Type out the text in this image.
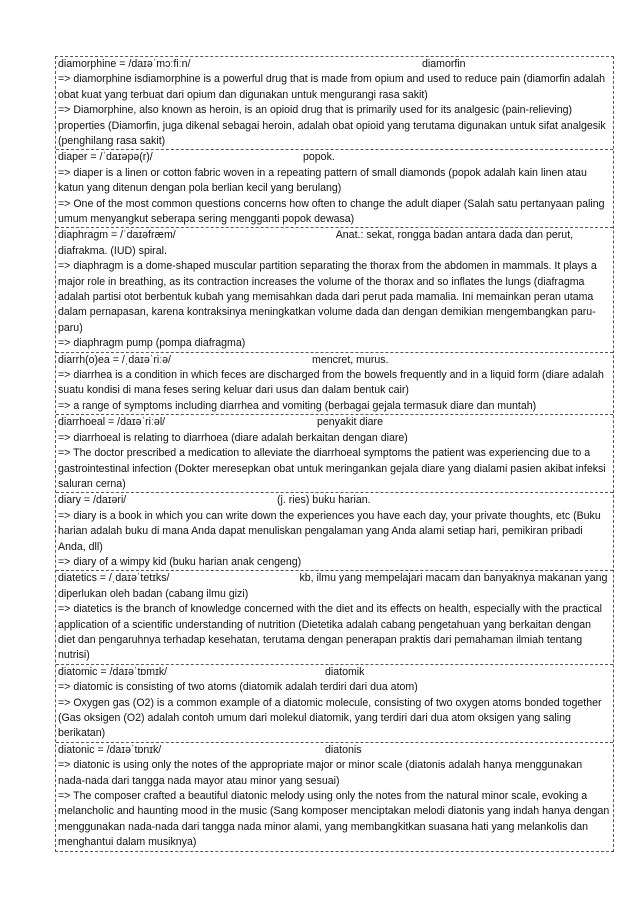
diamorphine = /daɪəˈmɔːfiːn/	diamorfin

=> diamorphine isdiamorphine is a powerful drug that is made from opium and used to reduce pain (diamorfin adalah obat kuat yang terbuat dari opium dan digunakan untuk mengurangi rasa sakit)

=> Diamorphine, also known as heroin, is an opioid drug that is primarily used for its analgesic (pain-relieving) properties (Diamorfin, juga dikenal sebagai heroin, adalah obat opioid yang terutama digunakan untuk sifat analgesik (penghilang rasa sakit)

diaper = /ˈdaɪəpə(r)/	popok.

=> diaper is a linen or cotton fabric woven in a repeating pattern of small diamonds (popok adalah kain linen atau katun yang ditenun dengan pola berlian kecil yang berulang)

=> One of the most common questions concerns how often to change the adult diaper (Salah satu pertanyaan paling umum menyangkut seberapa sering mengganti popok dewasa)

diaphragm = /ˈdaɪəfræm/	Anat.: sekat, rongga badan antara dada dan perut, diafrakma. (IUD) spiral.

=> diaphragm is a dome-shaped muscular partition separating the thorax from the abdomen in mammals. It plays a major role in breathing, as its contraction increases the volume of the thorax and so inflates the lungs (diafragma adalah partisi otot berbentuk kubah yang memisahkan dada dari perut pada mamalia. Ini memainkan peran utama dalam pernapasan, karena kontraksinya meningkatkan volume dada dan dengan demikian mengembangkan paru-paru)

=> diaphragm pump (pompa diafragma)

diarrh(o)ea = /ˌdaɪəˈriːə/	mencret, murus.

=> diarrhea is a condition in which feces are discharged from the bowels frequently and in a liquid form (diare adalah suatu kondisi di mana feses sering keluar dari usus dan dalam bentuk cair)

=> a range of symptoms including diarrhea and vomiting (berbagai gejala termasuk diare dan muntah)

diarrhoeal = /daɪəˈriːəl/	penyakit diare

=> diarrhoeal is relating to diarrhoea (diare adalah berkaitan dengan diare)

=> The doctor prescribed a medication to alleviate the diarrhoeal symptoms the patient was experiencing due to a gastrointestinal infection (Dokter meresepkan obat untuk meringankan gejala diare yang dialami pasien akibat infeksi saluran cerna)

diary = /daɪəri/	(j. ries) buku harian.

=> diary is a book in which you can write down the experiences you have each day, your private thoughts, etc (Buku harian adalah buku di mana Anda dapat menuliskan pengalaman yang Anda alami setiap hari, pemikiran pribadi Anda, dll)

=> diary of a wimpy kid (buku harian anak cengeng)

diatetics = /ˌdaɪəˈtetɪks/	kb, ilmu yang mempelajari macam dan banyaknya makanan yang diperlukan oleh badan (cabang ilmu gizi)

=> diatetics is the branch of knowledge concerned with the diet and its effects on health, especially with the practical application of a scientific understanding of nutrition (Dietetika adalah cabang pengetahuan yang berkaitan dengan diet dan pengaruhnya terhadap kesehatan, terutama dengan penerapan praktis dari pemahaman ilmiah tentang nutrisi)

diatomic = /daɪəˈtɒmɪk/	diatomik

=> diatomic is consisting of two atoms (diatomik adalah terdiri dari dua atom)

=> Oxygen gas (O2) is a common example of a diatomic molecule, consisting of two oxygen atoms bonded together (Gas oksigen (O2) adalah contoh umum dari molekul diatomik, yang terdiri dari dua atom oksigen yang saling berikatan)

diatonic = /daɪəˈtɒnɪk/	diatonis

=> diatonic is using only the notes of the appropriate major or minor scale (diatonis adalah hanya menggunakan nada-nada dari tangga nada mayor atau minor yang sesuai)

=> The composer crafted a beautiful diatonic melody using only the notes from the natural minor scale, evoking a melancholic and haunting mood in the music (Sang komposer menciptakan melodi diatonis yang indah hanya dengan menggunakan nada-nada dari tangga nada minor alami, yang membangkitkan suasana hati yang melankolis dan menghantui dalam musiknya)
